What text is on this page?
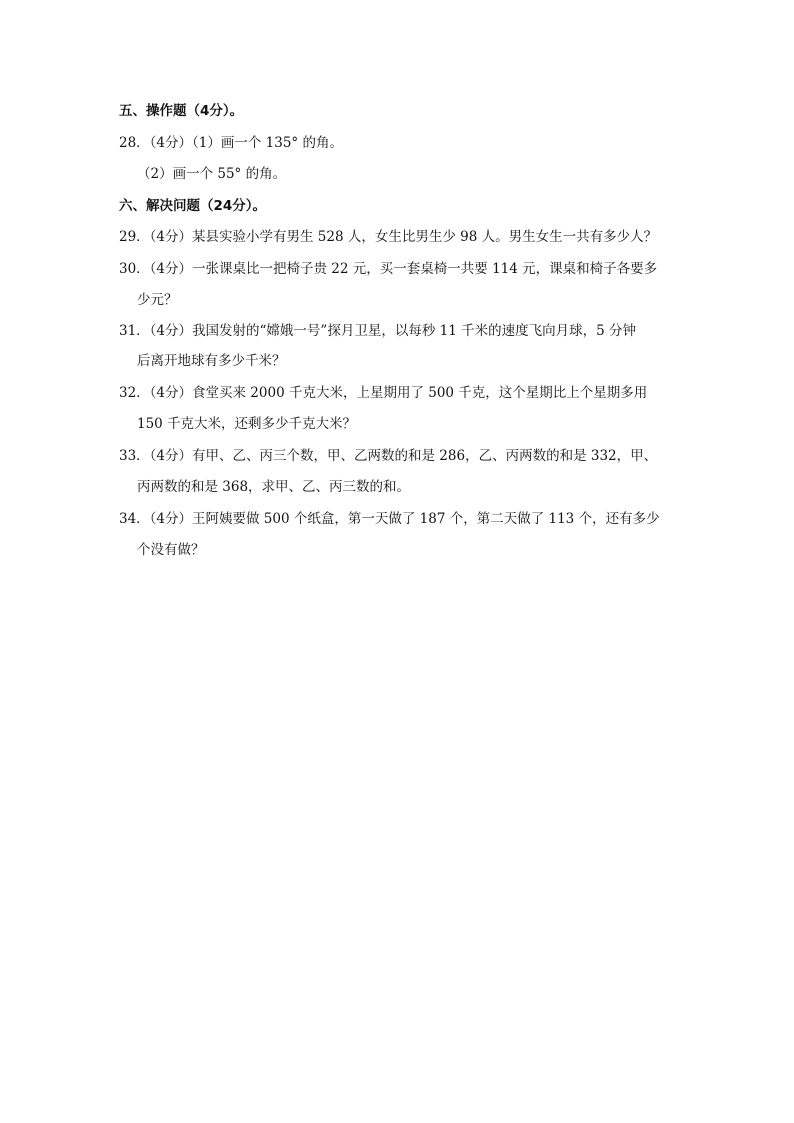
五、操作题（4分）。
28．（4分）（1）画一个 135° 的角。
（2）画一个 55° 的角。
六、解决问题（24分）。
29．（4分）某县实验小学有男生 528 人，女生比男生少 98 人。男生女生一共有多少人？
30．（4分）一张课桌比一把椅子贵 22 元，买一套桌椅一共要 114 元，课桌和椅子各要多
少元？
31．（4分）我国发射的“嫦娥一号”探月卫星，以每秒 11 千米的速度飞向月球，5 分钟
后离开地球有多少千米？
32．（4分）食堂买来 2000 千克大米，上星期用了 500 千克，这个星期比上个星期多用
150 千克大米，还剩多少千克大米？
33．（4分）有甲、乙、丙三个数，甲、乙两数的和是 286，乙、丙两数的和是 332，甲、
丙两数的和是 368，求甲、乙、丙三数的和。
34．（4分）王阿姨要做 500 个纸盒，第一天做了 187 个，第二天做了 113 个，还有多少
个没有做？
